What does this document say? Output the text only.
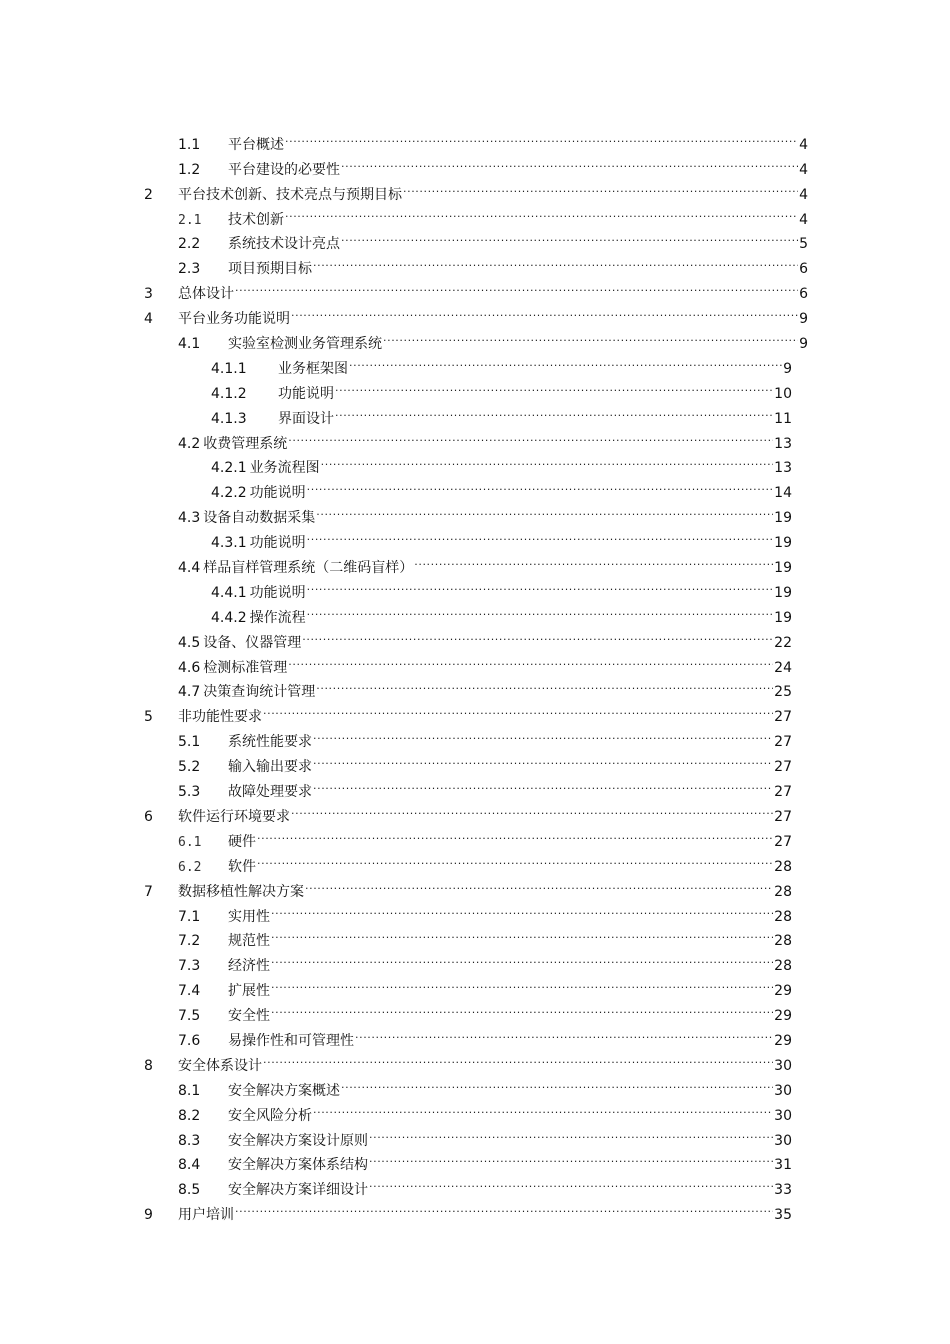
1.1	平台概述 .....	4
1.2	平台建设的必要性 .....	4
2	平台技术创新、技术亮点与预期目标 .....	4
2.1	技术创新 .....	4
2.2	系统技术设计亮点 .....	5
2.3	项目预期目标 .....	6
3	总体设计 .....	6
4	平台业务功能说明 .....	9
4.1	实验室检测业务管理系统 .....	9
4.1.1	业务框架图 .....	9
4.1.2	功能说明 .....	10
4.1.3	界面设计 .....	11
4.2 收费管理系统 .....	13
4.2.1 业务流程图 .....	13
4.2.2 功能说明 .....	14
4.3 设备自动数据采集 .....	19
4.3.1 功能说明 .....	19
4.4 样品盲样管理系统（二维码盲样） .....	19
4.4.1 功能说明 .....	19
4.4.2 操作流程 .....	19
4.5 设备、仪器管理 .....	22
4.6 检测标准管理 .....	24
4.7 决策查询统计管理 .....	25
5	非功能性要求 .....	27
5.1	系统性能要求 .....	27
5.2	输入输出要求 .....	27
5.3	故障处理要求 .....	27
6	软件运行环境要求 .....	27
6.1	硬件 .....	27
6.2	软件 .....	28
7	数据移植性解决方案 .....	28
7.1	实用性 .....	28
7.2	规范性 .....	28
7.3	经济性 .....	28
7.4	扩展性 .....	29
7.5	安全性 .....	29
7.6	易操作性和可管理性 .....	29
8	安全体系设计 .....	30
8.1	安全解决方案概述 .....	30
8.2	安全风险分析 .....	30
8.3	安全解决方案设计原则 .....	30
8.4	安全解决方案体系结构 .....	31
8.5	安全解决方案详细设计 .....	33
9	用户培训 .....	35
